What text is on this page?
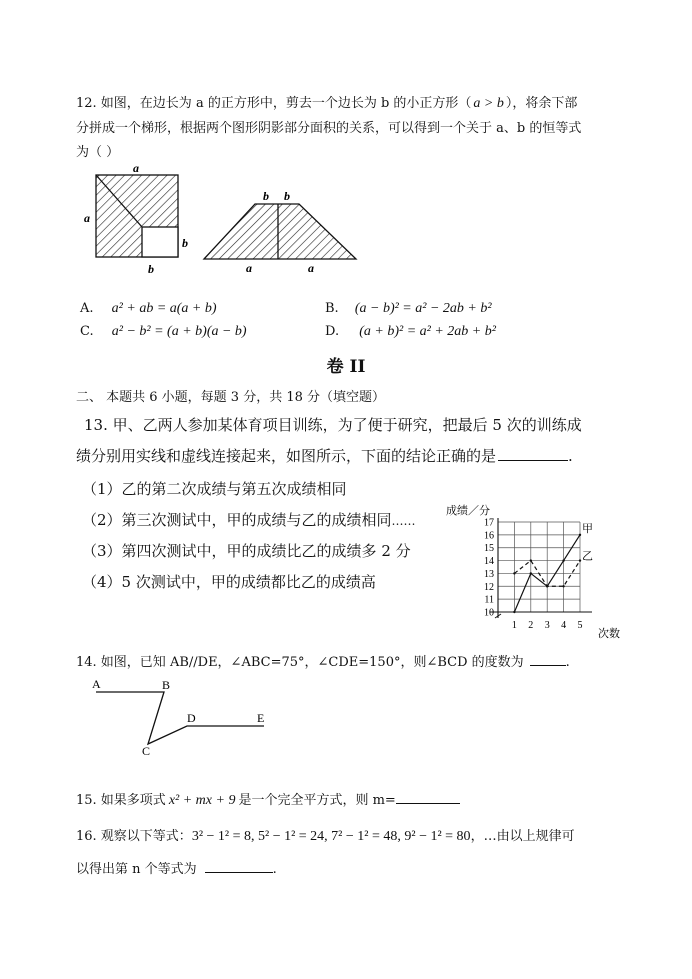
12. 如图，在边长为 a 的正方形中，剪去一个边长为 b 的小正方形（ a > b ），将余下部
分拼成一个梯形，根据两个图形阴影部分面积的关系，可以得到一个关于 a、b 的恒等式
为（ ）
a
a
b
b
b b
a	a
A. a² + ab = a(a + b)	B. (a − b)² = a² − 2ab + b²
C. a² − b² = (a + b)(a − b)	D. (a + b)² = a² + 2ab + b²
卷 II
二、 本题共 6 小题，每题 3 分，共 18 分（填空题）
13. 甲、乙两人参加某体育项目训练，为了便于研究，把最后 5 次的训练成
绩分别用实线和虚线连接起来，如图所示，下面的结论正确的是	.
（1）乙的第二次成绩与第五次成绩相同
（2）第三次测试中，甲的成绩与乙的成绩相同……
（3）第四次测试中，甲的成绩比乙的成绩多 2 分
（4）5 次测试中，甲的成绩都比乙的成绩高
成绩／分
次数
10
11
12
13
14
15
16
17
1 2 3 4 5
甲
乙
14. 如图，已知 AB//DE，∠ABC=75°，∠CDE=150°，则∠BCD 的度数为	.
A	B
C
D	E
15. 如果多项式 x² + mx + 9 是一个完全平方式，则 m=
16. 观察以下等式：3² − 1² = 8, 5² − 1² = 24, 7² − 1² = 48, 9² − 1² = 80，…由以上规律可
以得出第 n 个等式为	.
